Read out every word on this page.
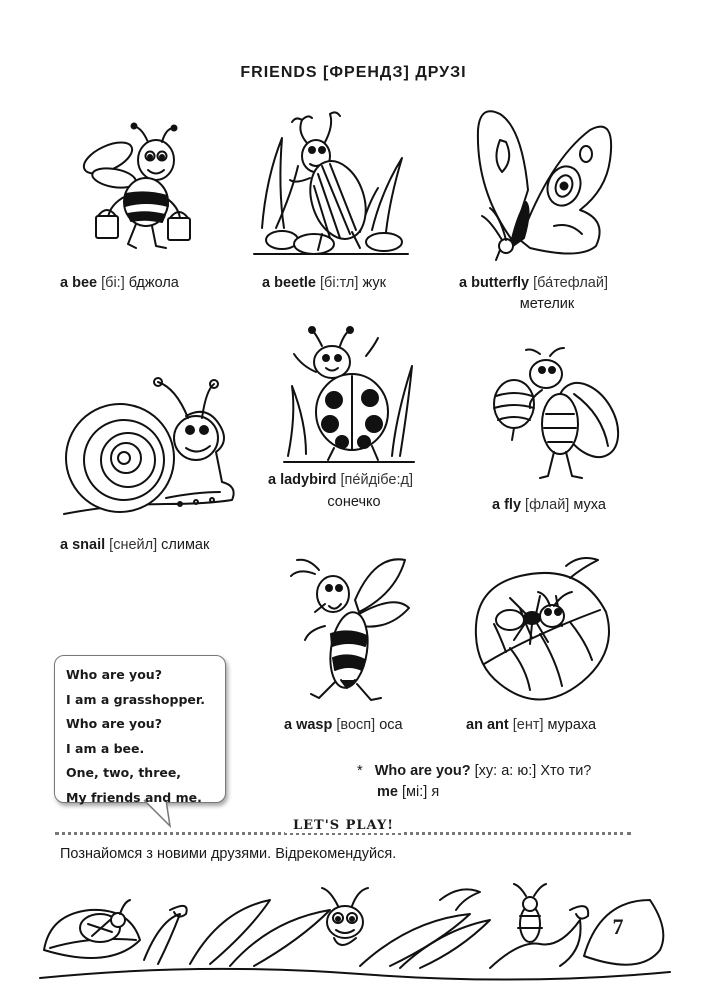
FRIENDS [ФРЕНДЗ] ДРУЗІ
a bee [бі:] бджола	a beetle [бі:тл] жук	a butterfly [ба́тефлай]
метелик
a snail [снейл] слимак
a ladybird [пе́йдібе:д]
сонечко	a fly [флай] муха
a wasp [восп] оса	an ant [ент] мураха
Who are you?
I am a grasshopper.
Who are you?
I am a bee.
One, two, three,
My friends and me.
* Who are you? [ху: а: ю:] Хто ти?
me [мі:] я
LET'S PLAY!
Познайомся з новими друзями. Відрекомендуйся.
7
